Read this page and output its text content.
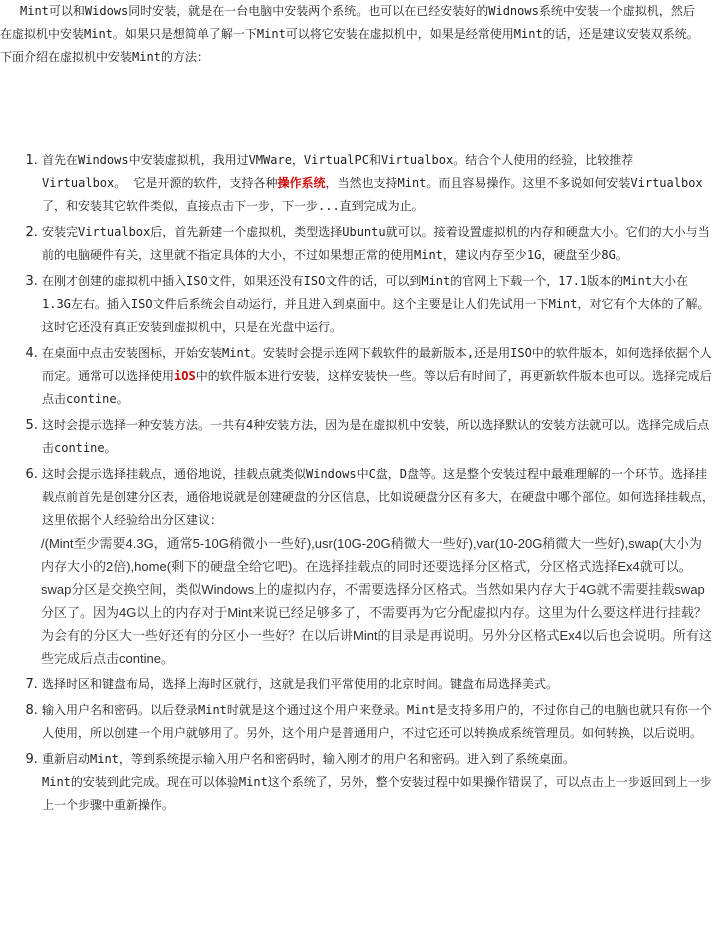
Mint可以和Widows同时安装，就是在一台电脑中安装两个系统。也可以在已经安装好的Widnows系统中安装一个虚拟机，然后

在虚拟机中安装Mint。如果只是想简单了解一下Mint可以将它安装在虚拟机中，如果是经常使用Mint的话，还是建议安装双系统。

下面介绍在虚拟机中安装Mint的方法：

1. 首先在Windows中安装虚拟机，我用过VMWare，VirtualPC和Virtualbox。结合个人使用的经验，比较推荐Virtualbox。 它是开源的软件，支持各种操作系统，当然也支持Mint。而且容易操作。这里不多说如何安装Virtualbox了，和安装其它软件类似，直接点击下一步，下一步...直到完成为止。
2. 安装完Virtualbox后，首先新建一个虚拟机，类型选择Ubuntu就可以。接着设置虚拟机的内存和硬盘大小。它们的大小与当前的电脑硬件有关，这里就不指定具体的大小，不过如果想正常的使用Mint，建议内存至少1G，硬盘至少8G。
3. 在刚才创建的虚拟机中插入ISO文件，如果还没有ISO文件的话，可以到Mint的官网上下载一个，17.1版本的Mint大小在1.3G左右。插入ISO文件后系统会自动运行，并且进入到桌面中。这个主要是让人们先试用一下Mint，对它有个大体的了解。这时它还没有真正安装到虚拟机中，只是在光盘中运行。
4. 在桌面中点击安装图标，开始安装Mint。安装时会提示连网下载软件的最新版本,还是用ISO中的软件版本，如何选择依据个人而定。通常可以选择使用iOS中的软件版本进行安装，这样安装快一些。等以后有时间了，再更新软件版本也可以。选择完成后点击contine。
5. 这时会提示选择一种安装方法。一共有4种安装方法，因为是在虚拟机中安装，所以选择默认的安装方法就可以。选择完成后点击contine。
6. 这时会提示选择挂载点，通俗地说，挂载点就类似Windows中C盘，D盘等。这是整个安装过程中最难理解的一个环节。选择挂载点前首先是创建分区表，通俗地说就是创建硬盘的分区信息，比如说硬盘分区有多大，在硬盘中哪个部位。如何选择挂载点，这里依据个人经验给出分区建议：
/(Mint至少需要4.3G，通常5-10G稍微小一些好),usr(10G-20G稍微大一些好),var(10-20G稍微大一些好),swap(大小为内存大小的2倍),home(剩下的硬盘全给它吧)。在选择挂载点的同时还要选择分区格式，分区格式选择Ex4就可以。swap分区是交换空间，类似Windows上的虚拟内存，不需要选择分区格式。当然如果内存大于4G就不需要挂载swap分区了。因为4G以上的内存对于Mint来说已经足够多了，不需要再为它分配虚拟内存。这里为什么要这样进行挂载？为会有的分区大一些好还有的分区小一些好？在以后讲Mint的目录是再说明。另外分区格式Ex4以后也会说明。所有这些完成后点击contine。
7. 选择时区和键盘布局，选择上海时区就行，这就是我们平常使用的北京时间。键盘布局选择美式。
8. 输入用户名和密码。以后登录Mint时就是这个通过这个用户来登录。Mint是支持多用户的，不过你自己的电脑也就只有你一个人使用，所以创建一个用户就够用了。另外，这个用户是普通用户，不过它还可以转换成系统管理员。如何转换，以后说明。
9. 重新启动Mint，等到系统提示输入用户名和密码时，输入刚才的用户名和密码。进入到了系统桌面。
Mint的安装到此完成。现在可以体验Mint这个系统了，另外，整个安装过程中如果操作错误了，可以点击上一步返回到上一步上一个步骤中重新操作。
